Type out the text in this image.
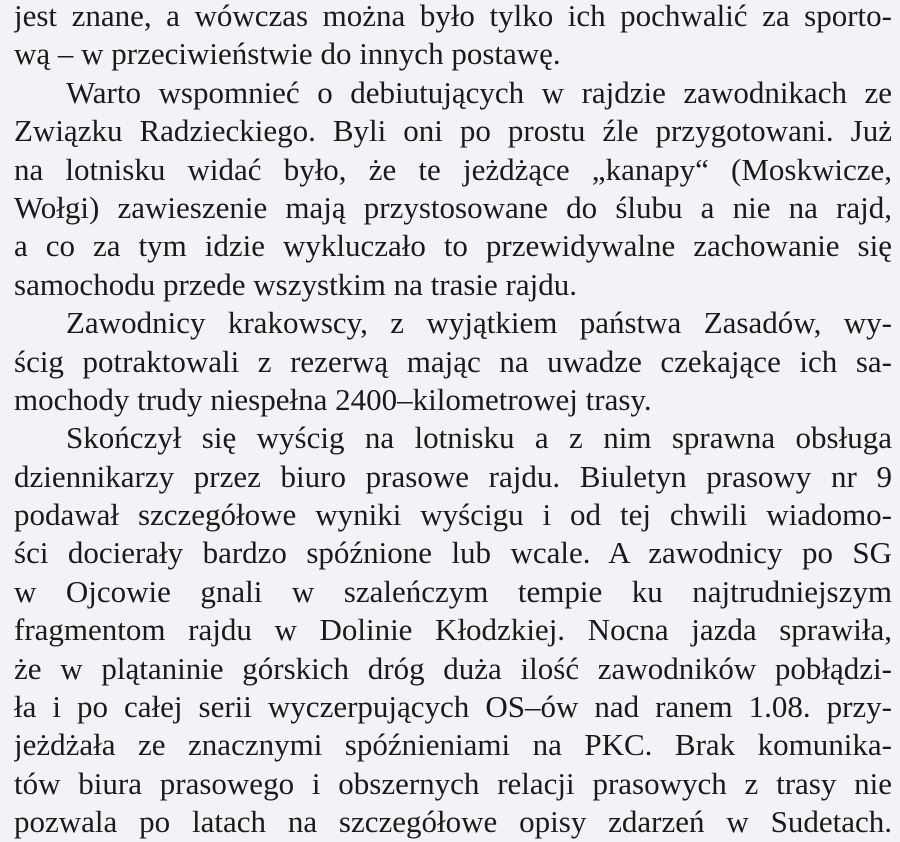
jest znane, a wówczas można było tylko ich pochwalić za sporto-
wą – w przeciwieństwie do innych postawę.
Warto wspomnieć o debiutujących w rajdzie zawodnikach ze
Związku Radzieckiego. Byli oni po prostu źle przygotowani. Już
na lotnisku widać było, że te jeżdżące „kanapy“ (Moskwicze,
Wołgi) zawieszenie mają przystosowane do ślubu a nie na rajd,
a co za tym idzie wykluczało to przewidywalne zachowanie się
samochodu przede wszystkim na trasie rajdu.
Zawodnicy krakowscy, z wyjątkiem państwa Zasadów, wy-
ścig potraktowali z rezerwą mając na uwadze czekające ich sa-
mochody trudy niespełna 2400–kilometrowej trasy.
Skończył się wyścig na lotnisku a z nim sprawna obsługa
dziennikarzy przez biuro prasowe rajdu. Biuletyn prasowy nr 9
podawał szczegółowe wyniki wyścigu i od tej chwili wiadomo-
ści docierały bardzo spóźnione lub wcale. A zawodnicy po SG
w Ojcowie gnali w szaleńczym tempie ku najtrudniejszym
fragmentom rajdu w Dolinie Kłodzkiej. Nocna jazda sprawiła,
że w plątaninie górskich dróg duża ilość zawodników pobłądzi-
ła i po całej serii wyczerpujących OS–ów nad ranem 1.08. przy-
jeżdżała ze znacznymi spóźnieniami na PKC. Brak komunika-
tów biura prasowego i obszernych relacji prasowych z trasy nie
pozwala po latach na szczegółowe opisy zdarzeń w Sudetach.
